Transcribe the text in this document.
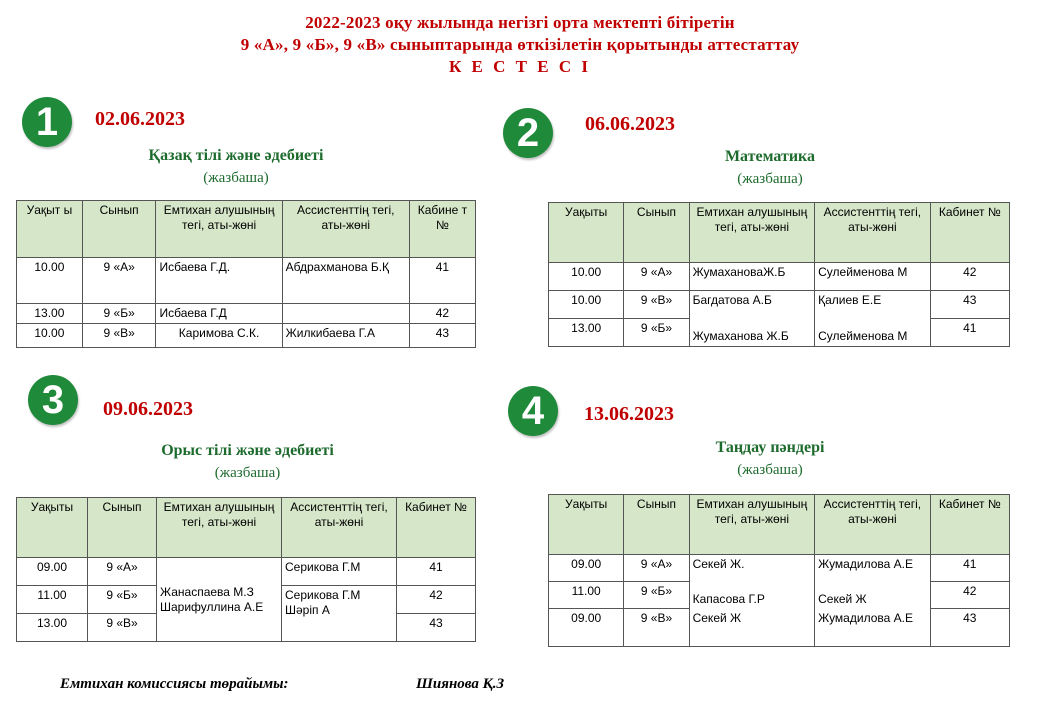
2022-2023 оқу жылында негізгі орта мектепті бітіретін
9 «А», 9 «Б», 9 «В» сыныптарында өткізілетін қорытынды аттестаттау
К Е С Т Е С І
1	02.06.2023
Қазақ тілі және әдебиеті
(жазбаша)
Уақыт ы	Сынып	Емтихан алушының тегі, аты-жөні	Ассистенттің тегі, аты-жөні	Кабине т №
10.00	9 «А»	Исбаева Г.Д.	Абдрахманова Б.Қ	41
13.00	9 «Б»	Исбаева Г.Д		42
10.00	9 «В»	Каримова С.К.	Жилкибаева Г.А	43
2	06.06.2023
Математика
(жазбаша)
Уақыты	Сынып	Емтихан алушының тегі, аты-жөні	Ассистенттің тегі, аты-жөні	Кабинет №
10.00	9 «А»	ЖумахановаЖ.Б	Сулейменова М	42
10.00	9 «В»	Багдатова А.Б	Қалиев Е.Е	43
13.00	9 «Б»	Жумаханова Ж.Б	Сулейменова М	41
3	09.06.2023
Орыс тілі және әдебиеті
(жазбаша)
Уақыты	Сынып	Емтихан алушының тегі, аты-жөні	Ассистенттің тегі, аты-жөні	Кабинет №
09.00	9 «А»	Жанаспаева М.З Шарифуллина А.Е	Серикова Г.М	41
11.00	9 «Б»		Серикова Г.М Шәріп А	42
13.00	9 «В»			43
4	13.06.2023
Таңдау пәндері
(жазбаша)
Уақыты	Сынып	Емтихан алушының тегі, аты-жөні	Ассистенттің тегі, аты-жөні	Кабинет №
09.00	9 «А»	Секей Ж.	Жумадилова А.Е	41
11.00	9 «Б»	Капасова Г.Р	Секей Ж	42
09.00	9 «В»	Секей Ж	Жумадилова А.Е	43
Емтихан комиссиясы төрайымы:	Шиянова Қ.З
